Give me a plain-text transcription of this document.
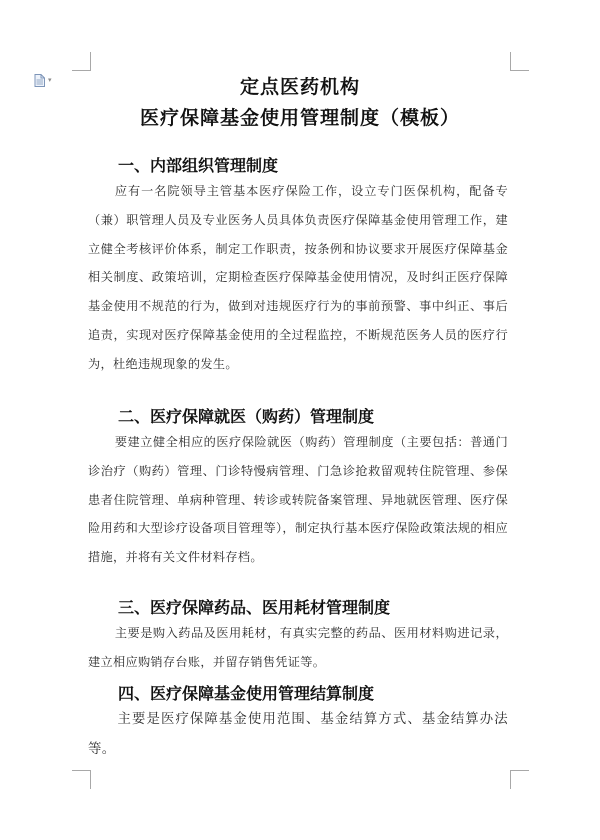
▾	定点医药机构
医疗保障基金使用管理制度（模板）
一、内部组织管理制度
应有一名院领导主管基本医疗保险工作，设立专门医保机构，配备专（兼）职管理人员及专业医务人员具体负责医疗保障基金使用管理工作，建立健全考核评价体系，制定工作职责，按条例和协议要求开展医疗保障基金相关制度、政策培训，定期检查医疗保障基金使用情况，及时纠正医疗保障基金使用不规范的行为，做到对违规医疗行为的事前预警、事中纠正、事后追责，实现对医疗保障基金使用的全过程监控，不断规范医务人员的医疗行为，杜绝违规现象的发生。
二、医疗保障就医（购药）管理制度
要建立健全相应的医疗保险就医（购药）管理制度（主要包括：普通门诊治疗（购药）管理、门诊特慢病管理、门急诊抢救留观转住院管理、参保患者住院管理、单病种管理、转诊或转院备案管理、异地就医管理、医疗保险用药和大型诊疗设备项目管理等），制定执行基本医疗保险政策法规的相应措施，并将有关文件材料存档。
三、医疗保障药品、医用耗材管理制度
主要是购入药品及医用耗材，有真实完整的药品、医用材料购进记录，建立相应购销存台账，并留存销售凭证等。
四、医疗保障基金使用管理结算制度
主要是医疗保障基金使用范围、基金结算方式、基金结算办法等。
